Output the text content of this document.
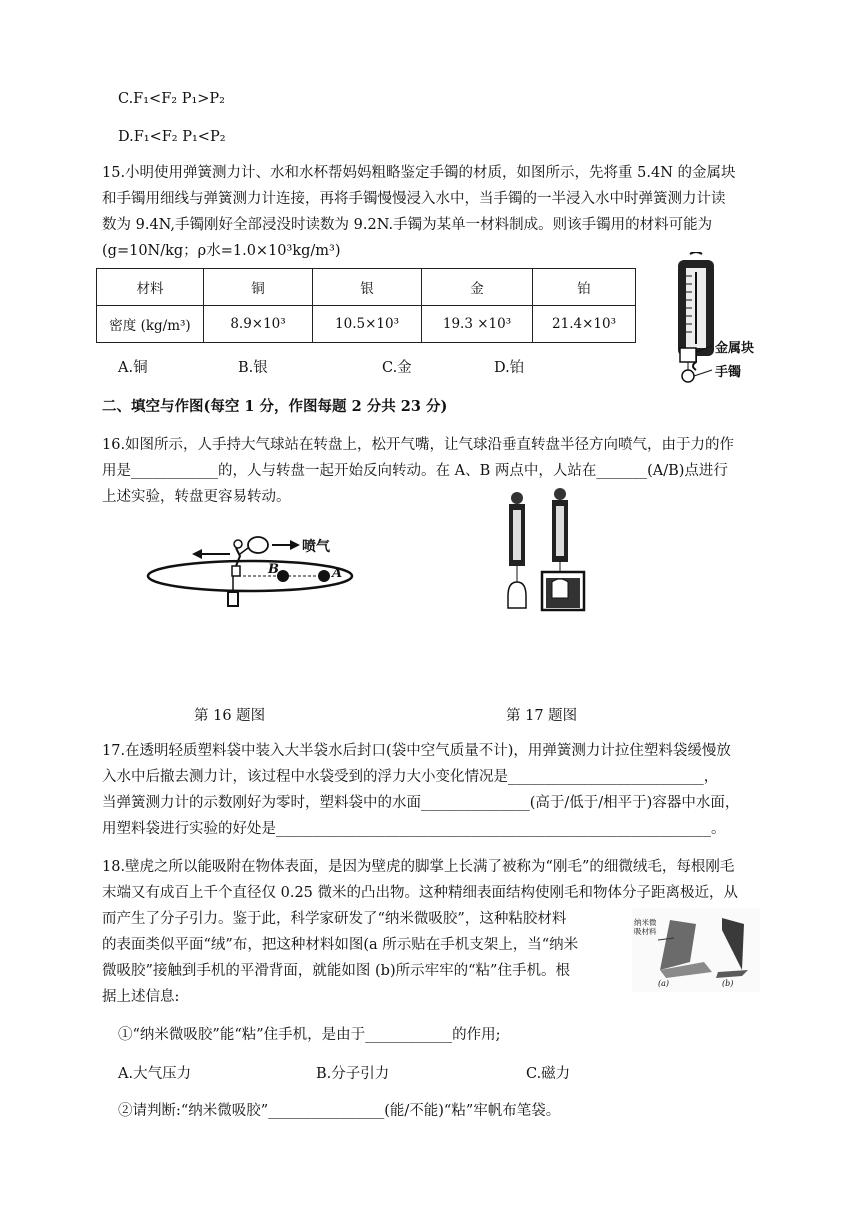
C.F₁<F₂ P₁>P₂
D.F₁<F₂ P₁<P₂
15.小明使用弹簧测力计、水和水杯帮妈妈粗略鉴定手镯的材质，如图所示，先将重 5.4N 的金属块
和手镯用细线与弹簧测力计连接，再将手镯慢慢浸入水中，当手镯的一半浸入水中时弹簧测力计读
数为 9.4N,手镯刚好全部浸没时读数为 9.2N.手镯为某单一材料制成。则该手镯用的材料可能为
(g=10N/kg；ρ水=1.0×10³kg/m³)
材料	铜	银	金	铂
密度 (kg/m³)	8.9×10³	10.5×10³	19.3 ×10³	21.4×10³
A.铜	B.银	C.金	D.铂
金属块
手镯
二、填空与作图(每空 1 分，作图每题 2 分共 23 分)
16.如图所示，人手持大气球站在转盘上，松开气嘴，让气球沿垂直转盘半径方向喷气，由于力的作
用是____________的，人与转盘一起开始反向转动。在 A、B 两点中，人站在_______(A/B)点进行
上述实验，转盘更容易转动。
喷气
B	A
第 16 题图	第 17 题图
17.在透明轻质塑料袋中装入大半袋水后封口(袋中空气质量不计)，用弹簧测力计拉住塑料袋缓慢放
入水中后撤去测力计，该过程中水袋受到的浮力大小变化情况是___________________________，
当弹簧测力计的示数刚好为零时，塑料袋中的水面_______________(高于/低于/相平于)容器中水面，
用塑料袋进行实验的好处是____________________________________________________________。
18.壁虎之所以能吸附在物体表面，是因为壁虎的脚掌上长满了被称为“刚毛”的细微绒毛，每根刚毛
末端又有成百上千个直径仅 0.25 微米的凸出物。这种精细表面结构使刚毛和物体分子距离极近，从
而产生了分子引力。鉴于此，科学家研发了“纳米微吸胶”，这种粘胶材料
的表面类似平面“绒”布，把这种材料如图(a 所示贴在手机支架上，当“纳米
微吸胶”接触到手机的平滑背面，就能如图 (b)所示牢牢的“粘”住手机。根
据上述信息:
纳米微吸材料
(a)	(b)
①“纳米微吸胶”能“粘”住手机，是由于____________的作用;
A.大气压力	B.分子引力	C.磁力
②请判断:“纳米微吸胶”________________(能/不能)“粘”牢帆布笔袋。
